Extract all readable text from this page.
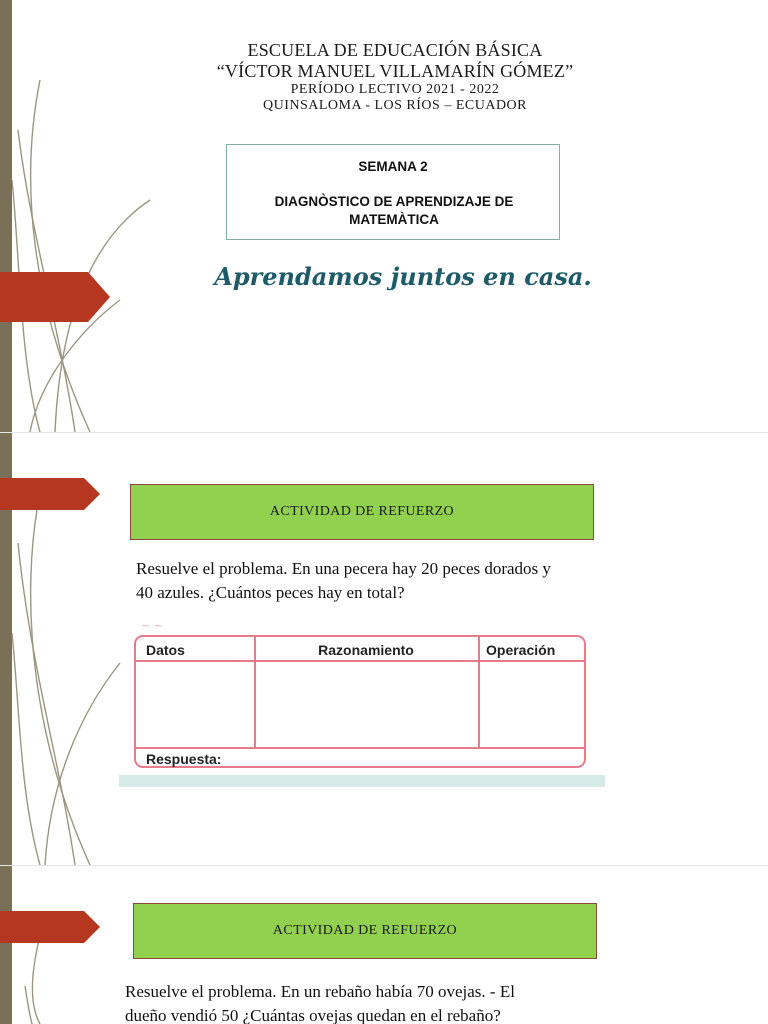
ESCUELA DE EDUCACIÓN BÁSICA
“VÍCTOR MANUEL VILLAMARÍN GÓMEZ”
PERÍODO LECTIVO 2021 - 2022
QUINSALOMA - LOS RÍOS – ECUADOR
SEMANA 2
DIAGNÒSTICO DE APRENDIZAJE DE
MATEMÀTICA
Aprendamos juntos en casa.
ACTIVIDAD DE REFUERZO
Resuelve el problema. En una pecera hay 20 peces dorados y
40 azules. ¿Cuántos peces hay en total?
~ ~
Datos	Razonamiento	Operación
Respuesta:
ACTIVIDAD DE REFUERZO
Resuelve el problema. En un rebaño había 70 ovejas. - El
dueño vendió 50 ¿Cuántas ovejas quedan en el rebaño?
